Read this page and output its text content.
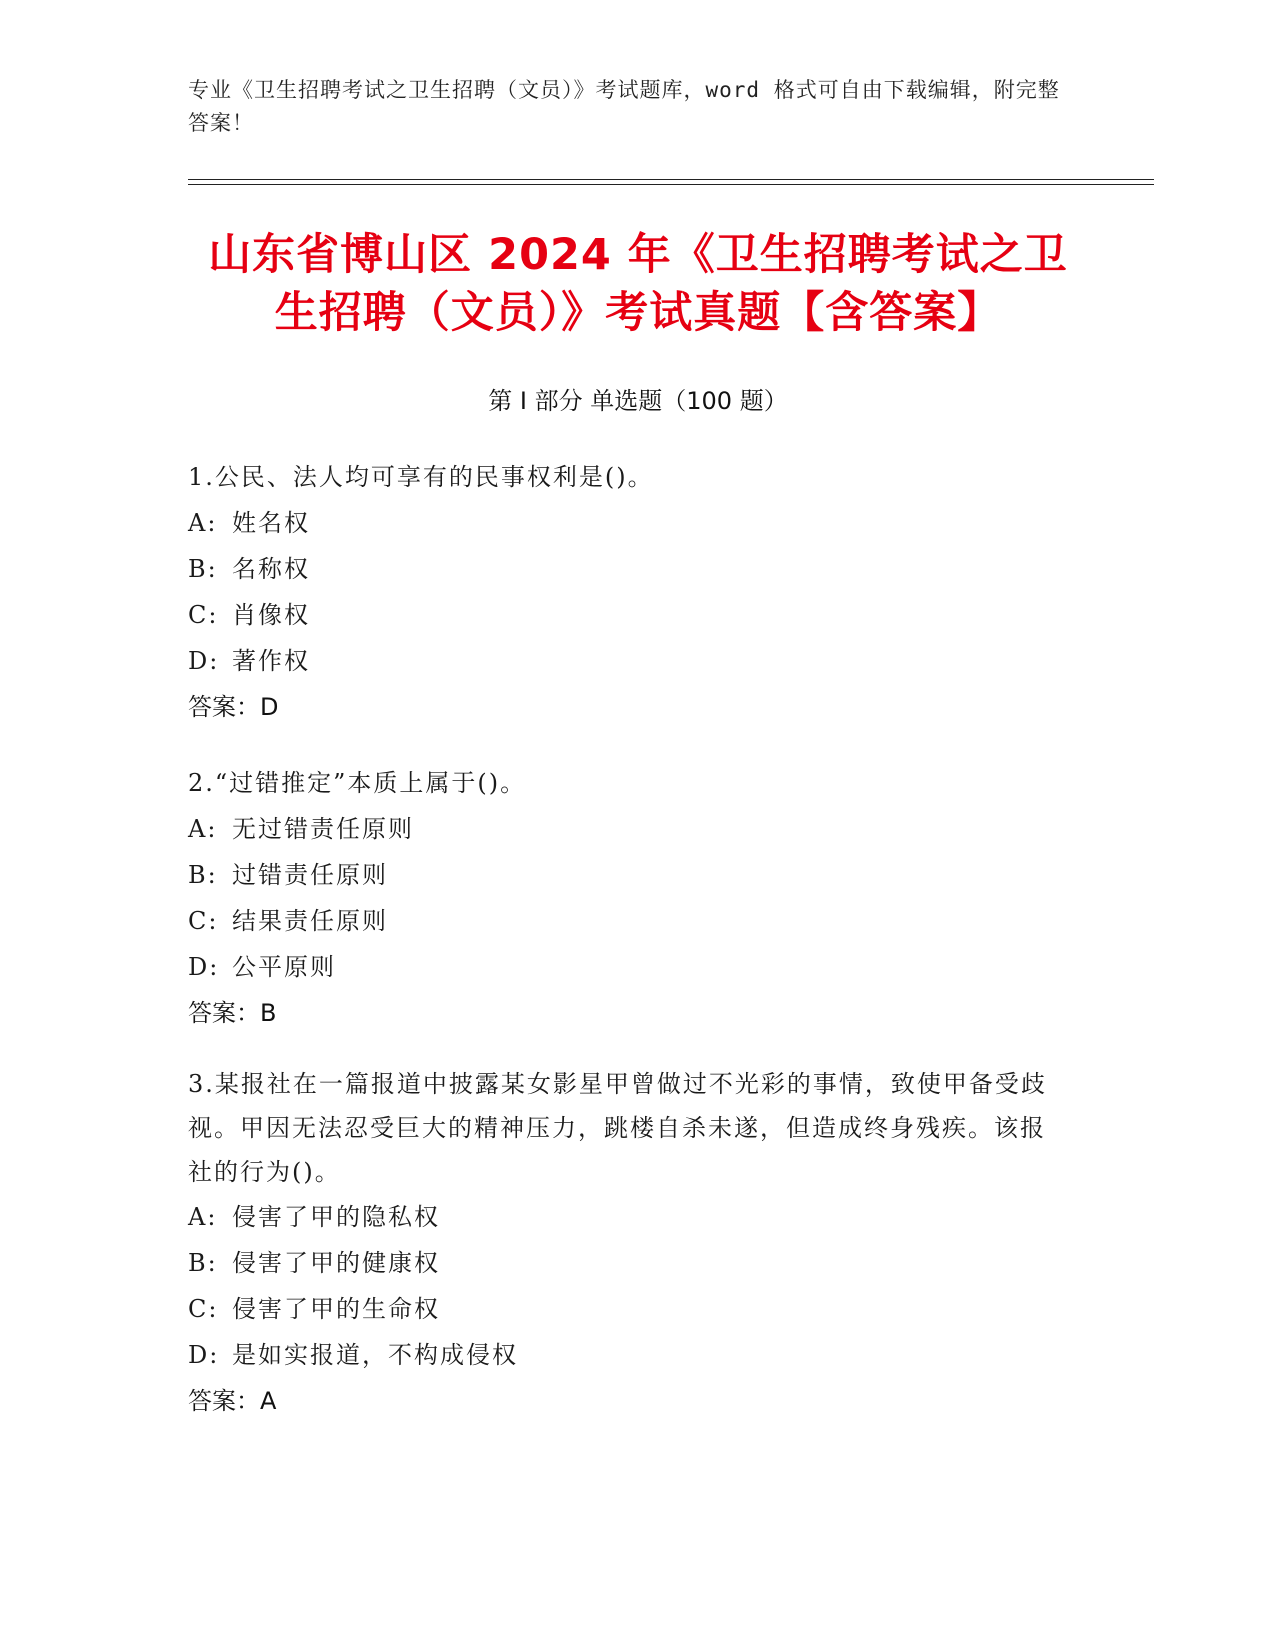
专业《卫生招聘考试之卫生招聘（文员）》考试题库，word 格式可自由下载编辑，附完整答案！
山东省博山区 2024 年《卫生招聘考试之卫生招聘（文员）》考试真题【含答案】
第 I 部分 单选题（100 题）
1.公民、法人均可享有的民事权利是()。
A: 姓名权
B: 名称权
C: 肖像权
D: 著作权
答案：D
2.“过错推定”本质上属于()。
A: 无过错责任原则
B: 过错责任原则
C: 结果责任原则
D: 公平原则
答案：B
3.某报社在一篇报道中披露某女影星甲曾做过不光彩的事情，致使甲备受歧视。甲因无法忍受巨大的精神压力，跳楼自杀未遂，但造成终身残疾。该报社的行为()。
A: 侵害了甲的隐私权
B: 侵害了甲的健康权
C: 侵害了甲的生命权
D: 是如实报道，不构成侵权
答案：A
